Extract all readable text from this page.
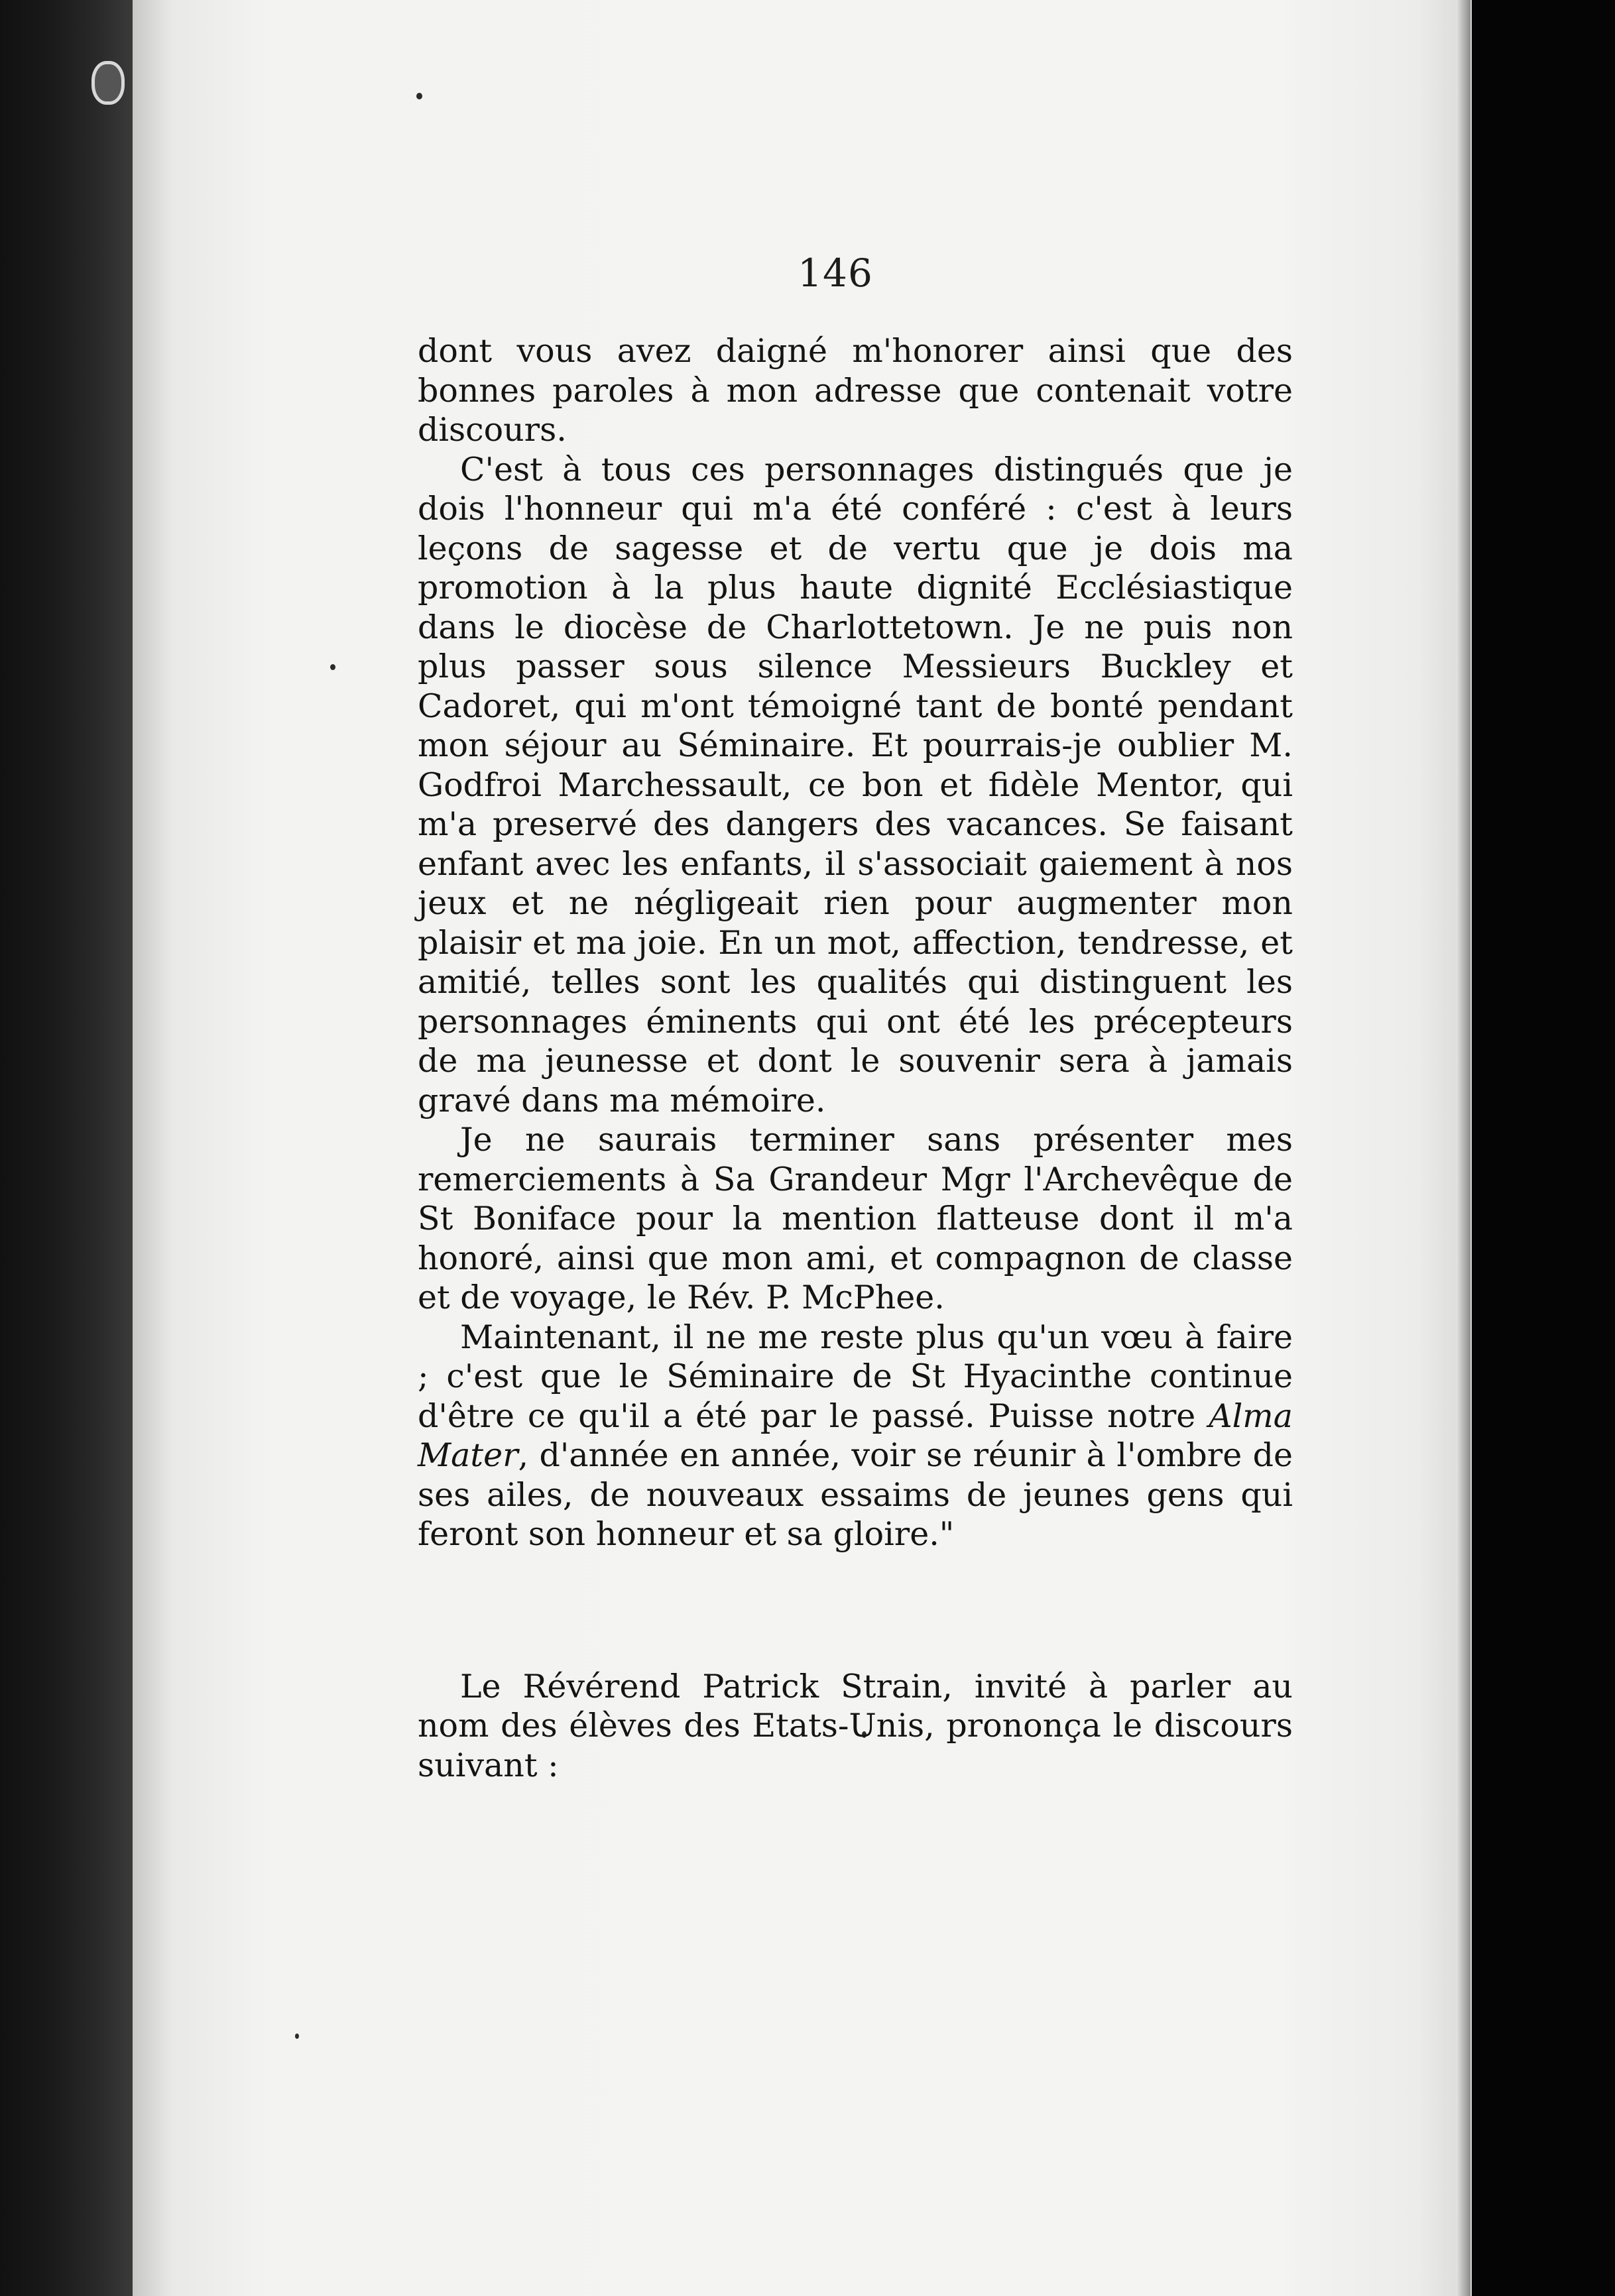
146

dont vous avez daigné m'honorer ainsi que des bonnes paroles à mon adresse que contenait votre discours.

C'est à tous ces personnages distingués que je dois l'honneur qui m'a été conféré : c'est à leurs leçons de sagesse et de vertu que je dois ma promotion à la plus haute dignité Ecclésiastique dans le diocèse de Charlottetown. Je ne puis non plus passer sous silence Messieurs Buckley et Cadoret, qui m'ont témoigné tant de bonté pendant mon séjour au Séminaire. Et pourrais-je oublier M. Godfroi Marchessault, ce bon et fidèle Mentor, qui m'a preservé des dangers des vacances. Se faisant enfant avec les enfants, il s'associait gaiement à nos jeux et ne négligeait rien pour augmenter mon plaisir et ma joie. En un mot, affection, tendresse, et amitié, telles sont les qualités qui distinguent les personnages éminents qui ont été les précepteurs de ma jeunesse et dont le souvenir sera à jamais gravé dans ma mémoire.

Je ne saurais terminer sans présenter mes remerciements à Sa Grandeur Mgr l'Archevêque de St Boniface pour la mention flatteuse dont il m'a honoré, ainsi que mon ami, et compagnon de classe et de voyage, le Rév. P. McPhee.

Maintenant, il ne me reste plus qu'un vœu à faire ; c'est que le Séminaire de St Hyacinthe continue d'être ce qu'il a été par le passé. Puisse notre Alma Mater, d'année en année, voir se réunir à l'ombre de ses ailes, de nouveaux essaims de jeunes gens qui feront son honneur et sa gloire."

Le Révérend Patrick Strain, invité à parler au nom des élèves des Etats-Unis, prononça le discours suivant :
